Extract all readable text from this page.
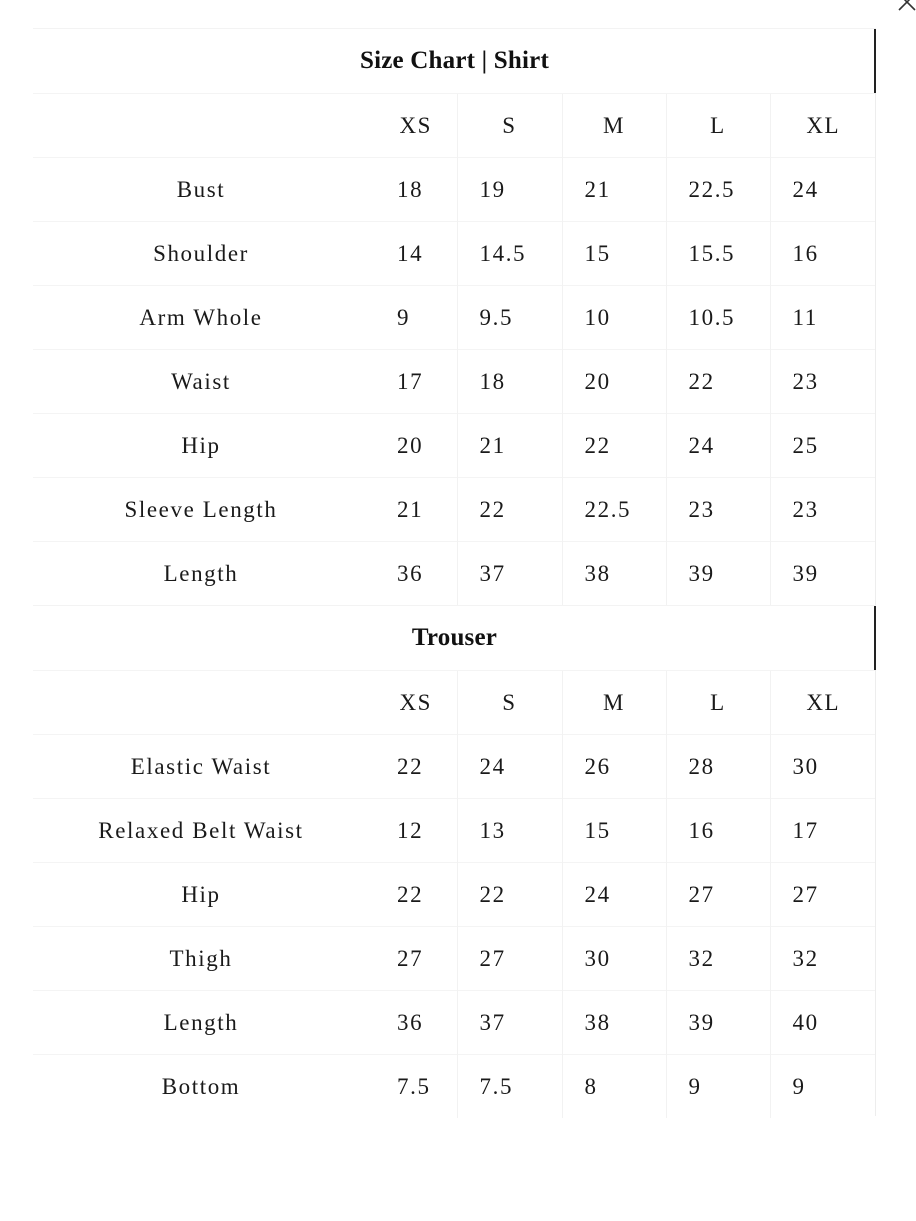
Size Chart | Shirt
	XS	S	M	L	XL
Bust	18	19	21	22.5	24
Shoulder	14	14.5	15	15.5	16
Arm Whole	9	9.5	10	10.5	11
Waist	17	18	20	22	23
Hip	20	21	22	24	25
Sleeve Length	21	22	22.5	23	23
Length	36	37	38	39	39
Trouser
	XS	S	M	L	XL
Elastic Waist	22	24	26	28	30
Relaxed Belt Waist	12	13	15	16	17
Hip	22	22	24	27	27
Thigh	27	27	30	32	32
Length	36	37	38	39	40
Bottom	7.5	7.5	8	9	9
